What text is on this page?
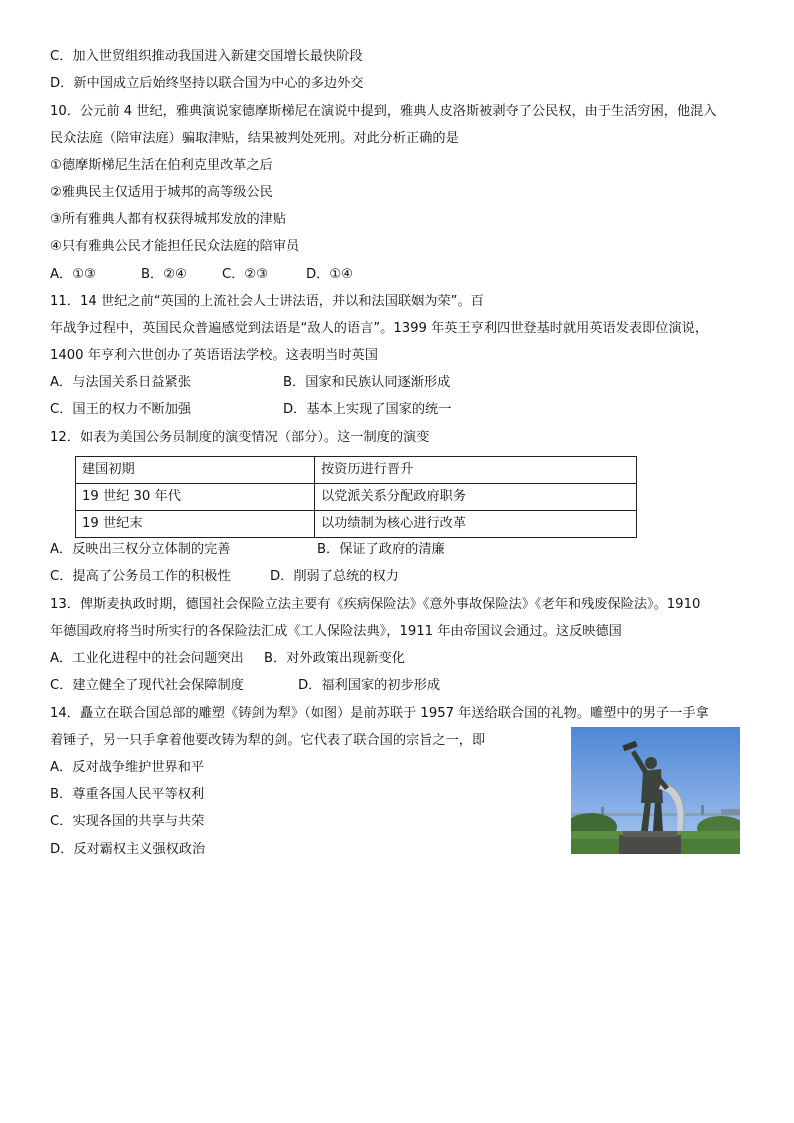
C．加入世贸组织推动我国进入新建交国增长最快阶段
D．新中国成立后始终坚持以联合国为中心的多边外交
10．公元前 4 世纪，雅典演说家德摩斯梯尼在演说中提到，雅典人皮洛斯被剥夺了公民权，由于生活穷困，他混入
民众法庭（陪审法庭）骗取津贴，结果被判处死刑。对此分析正确的是
①德摩斯梯尼生活在伯利克里改革之后
②雅典民主仅适用于城邦的高等级公民
③所有雅典人都有权获得城邦发放的津贴
④只有雅典公民才能担任民众法庭的陪审员
A．①③	B．②④	C．②③	D．①④
11．14 世纪之前“英国的上流社会人士讲法语，并以和法国联姻为荣”。百
年战争过程中，英国民众普遍感觉到法语是“敌人的语言”。1399 年英王亨利四世登基时就用英语发表即位演说，
1400 年亨利六世创办了英语语法学校。这表明当时英国
A．与法国关系日益紧张	B．国家和民族认同逐渐形成
C．国王的权力不断加强	D．基本上实现了国家的统一
12．如表为美国公务员制度的演变情况（部分）。这一制度的演变
建国初期	按资历进行晋升
19 世纪 30 年代	以党派关系分配政府职务
19 世纪末	以功绩制为核心进行改革
A．反映出三权分立体制的完善	B．保证了政府的清廉
C．提高了公务员工作的积极性	D．削弱了总统的权力
13．俾斯麦执政时期，德国社会保险立法主要有《疾病保险法》《意外事故保险法》《老年和残废保险法》。1910
年德国政府将当时所实行的各保险法汇成《工人保险法典》，1911 年由帝国议会通过。这反映德国
A．工业化进程中的社会问题突出 B．对外政策出现新变化
C．建立健全了现代社会保障制度	D．福利国家的初步形成
14．矗立在联合国总部的雕塑《铸剑为犁》（如图）是前苏联于 1957 年送给联合国的礼物。雕塑中的男子一手拿
着锤子，另一只手拿着他要改铸为犁的剑。它代表了联合国的宗旨之一，即
A．反对战争维护世界和平
B．尊重各国人民平等权利
C．实现各国的共享与共荣
D．反对霸权主义强权政治
